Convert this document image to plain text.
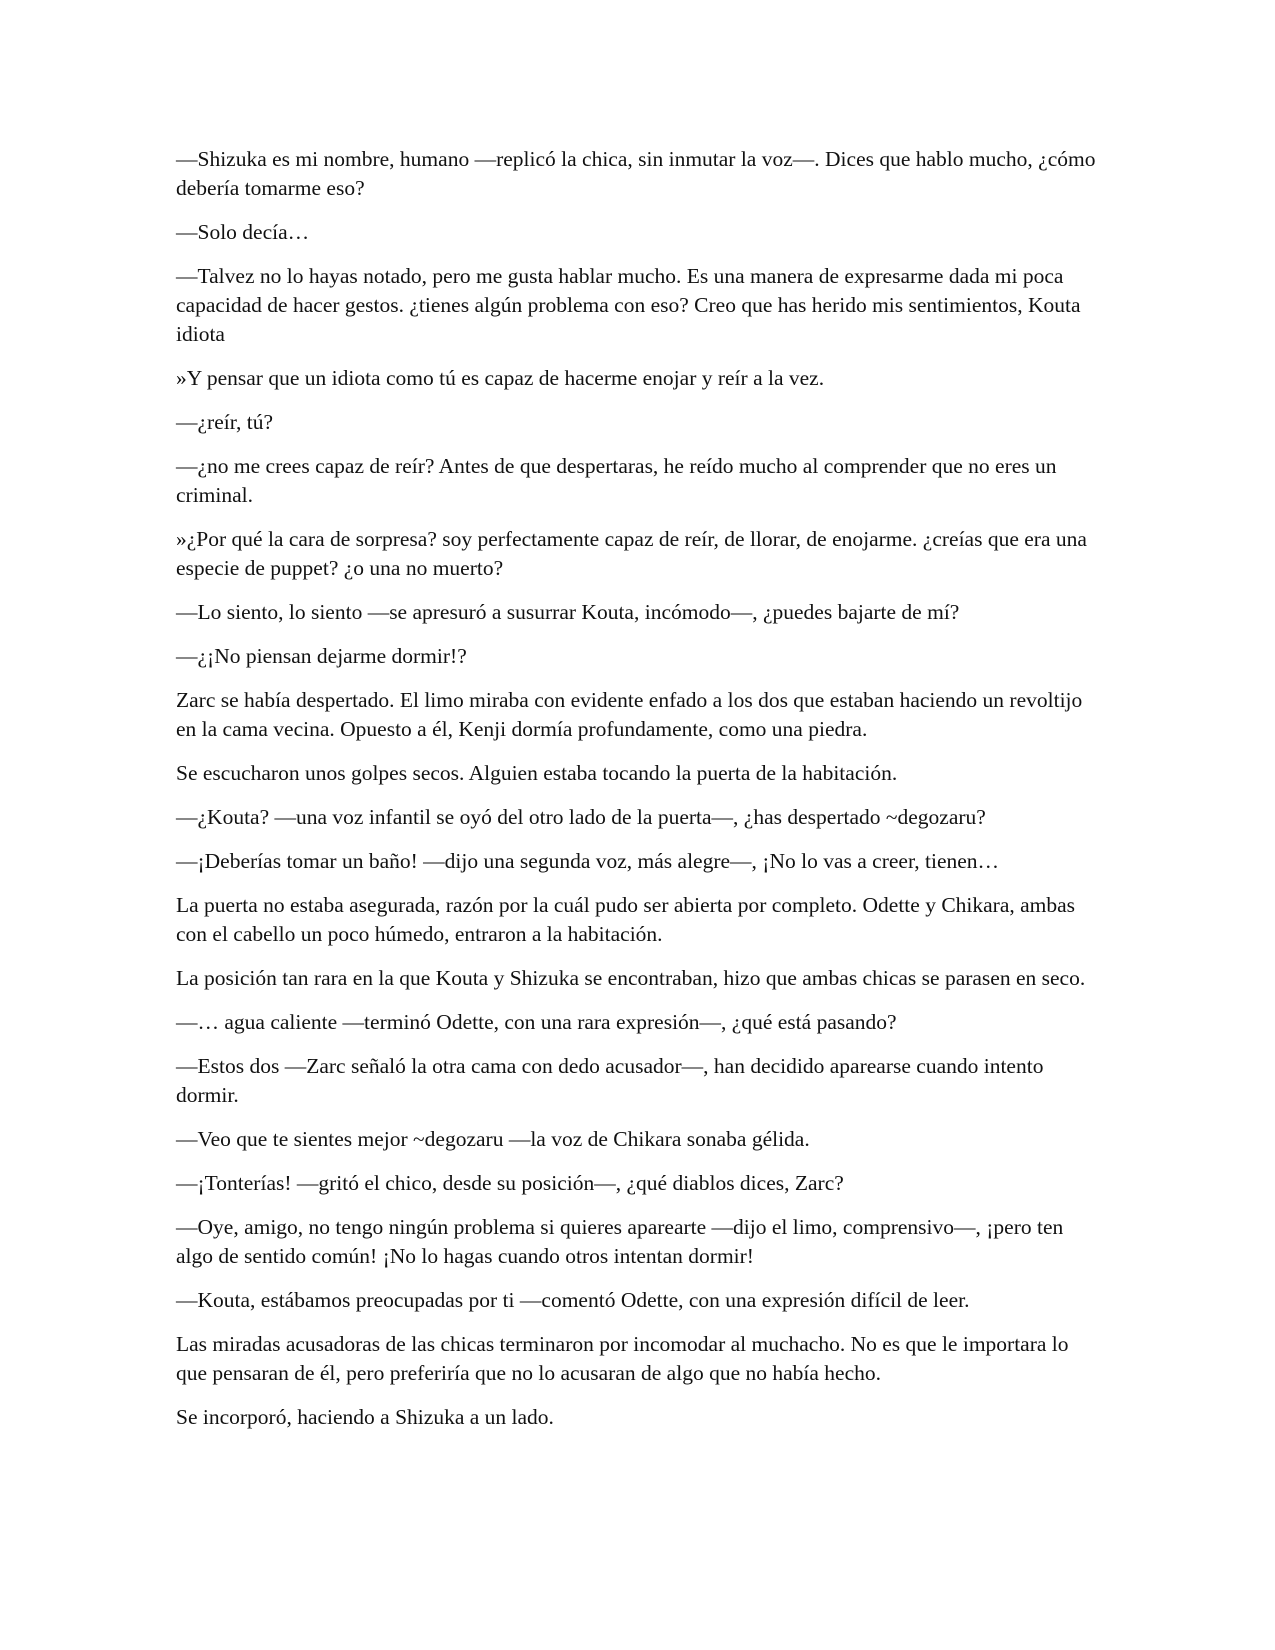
—Shizuka es mi nombre, humano —replicó la chica, sin inmutar la voz—. Dices que hablo mucho, ¿cómo debería tomarme eso?

—Solo decía…

—Talvez no lo hayas notado, pero me gusta hablar mucho. Es una manera de expresarme dada mi poca capacidad de hacer gestos. ¿tienes algún problema con eso? Creo que has herido mis sentimientos, Kouta idiota

»Y pensar que un idiota como tú es capaz de hacerme enojar y reír a la vez.

—¿reír, tú?

—¿no me crees capaz de reír? Antes de que despertaras, he reído mucho al comprender que no eres un criminal.

»¿Por qué la cara de sorpresa? soy perfectamente capaz de reír, de llorar, de enojarme. ¿creías que era una especie de puppet? ¿o una no muerto?

—Lo siento, lo siento —se apresuró a susurrar Kouta, incómodo—, ¿puedes bajarte de mí?

—¿¡No piensan dejarme dormir!?

Zarc se había despertado. El limo miraba con evidente enfado a los dos que estaban haciendo un revoltijo en la cama vecina. Opuesto a él, Kenji dormía profundamente, como una piedra.

Se escucharon unos golpes secos. Alguien estaba tocando la puerta de la habitación.

—¿Kouta? —una voz infantil se oyó del otro lado de la puerta—, ¿has despertado ~degozaru?

—¡Deberías tomar un baño! —dijo una segunda voz, más alegre—, ¡No lo vas a creer, tienen…

La puerta no estaba asegurada, razón por la cuál pudo ser abierta por completo. Odette y Chikara, ambas con el cabello un poco húmedo, entraron a la habitación.

La posición tan rara en la que Kouta y Shizuka se encontraban, hizo que ambas chicas se parasen en seco.

—… agua caliente —terminó Odette, con una rara expresión—, ¿qué está pasando?

—Estos dos —Zarc señaló la otra cama con dedo acusador—, han decidido aparearse cuando intento dormir.

—Veo que te sientes mejor ~degozaru —la voz de Chikara sonaba gélida.

—¡Tonterías! —gritó el chico, desde su posición—, ¿qué diablos dices, Zarc?

—Oye, amigo, no tengo ningún problema si quieres aparearte —dijo el limo, comprensivo—, ¡pero ten algo de sentido común! ¡No lo hagas cuando otros intentan dormir!

—Kouta, estábamos preocupadas por ti —comentó Odette, con una expresión difícil de leer.

Las miradas acusadoras de las chicas terminaron por incomodar al muchacho. No es que le importara lo que pensaran de él, pero preferiría que no lo acusaran de algo que no había hecho.

Se incorporó, haciendo a Shizuka a un lado.
